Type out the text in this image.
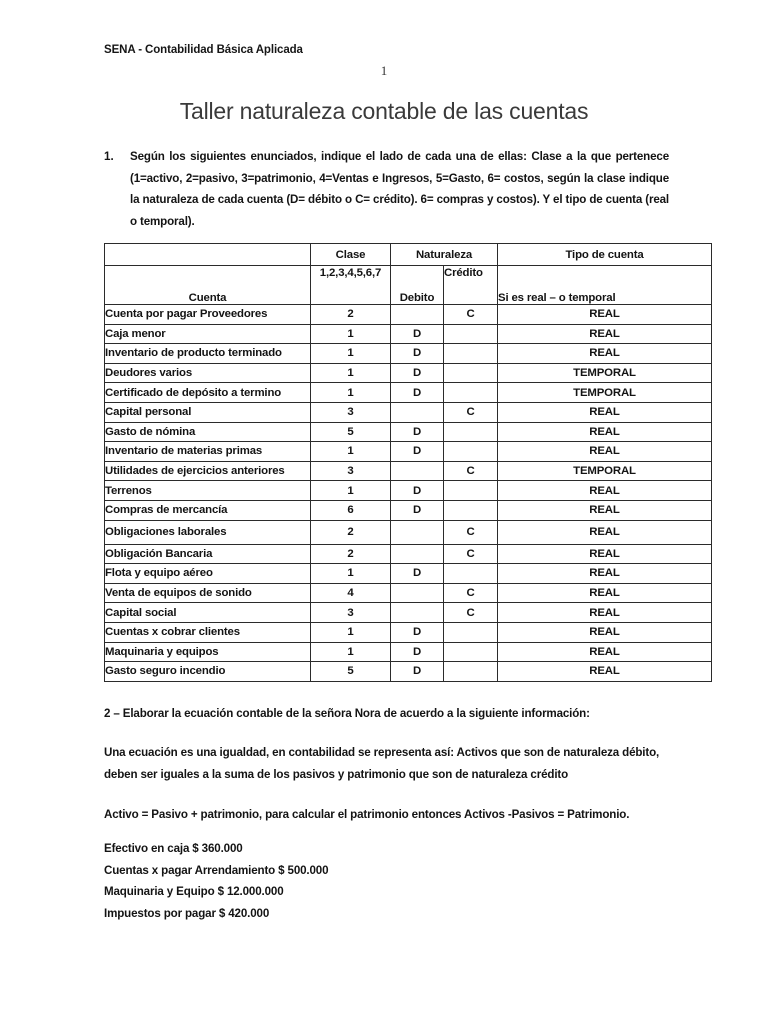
SENA - Contabilidad Básica Aplicada
1
Taller naturaleza contable de las cuentas
1.	Según los siguientes enunciados, indique el lado de cada una de ellas: Clase a la que pertenece (1=activo, 2=pasivo, 3=patrimonio, 4=Ventas e Ingresos, 5=Gasto, 6= costos, según la clase indique la naturaleza de cada cuenta (D= débito o C= crédito). 6= compras y costos). Y el tipo de cuenta (real o temporal).
	Clase	Naturaleza		Tipo de cuenta
Cuenta	1,2,3,4,5,6,7	Debito	Crédito	Si es real – o temporal
Cuenta por pagar Proveedores	2		C	REAL
Caja menor	1	D		REAL
Inventario de producto terminado	1	D		REAL
Deudores varios	1	D		TEMPORAL
Certificado de depósito a termino	1	D		TEMPORAL
Capital personal	3		C	REAL
Gasto de nómina	5	D		REAL
Inventario de materias primas	1	D		REAL
Utilidades de ejercicios anteriores	3		C	TEMPORAL
Terrenos	1	D		REAL
Compras de mercancía	6	D		REAL
Obligaciones laborales	2		C	REAL
Obligación Bancaria	2		C	REAL
Flota y equipo aéreo	1	D		REAL
Venta de equipos de sonido	4		C	REAL
Capital social	3		C	REAL
Cuentas x cobrar clientes	1	D		REAL
Maquinaria y equipos	1	D		REAL
Gasto seguro incendio	5	D		REAL
2 – Elaborar la ecuación contable de la señora Nora de acuerdo a la siguiente información:
Una ecuación es una igualdad, en contabilidad se representa así: Activos que son de naturaleza débito, deben ser iguales a la suma de los pasivos y patrimonio que son de naturaleza crédito
Activo = Pasivo + patrimonio, para calcular el patrimonio entonces Activos -Pasivos = Patrimonio.
Efectivo en caja $ 360.000
Cuentas x pagar Arrendamiento $ 500.000
Maquinaria y Equipo $ 12.000.000
Impuestos por pagar $ 420.000
